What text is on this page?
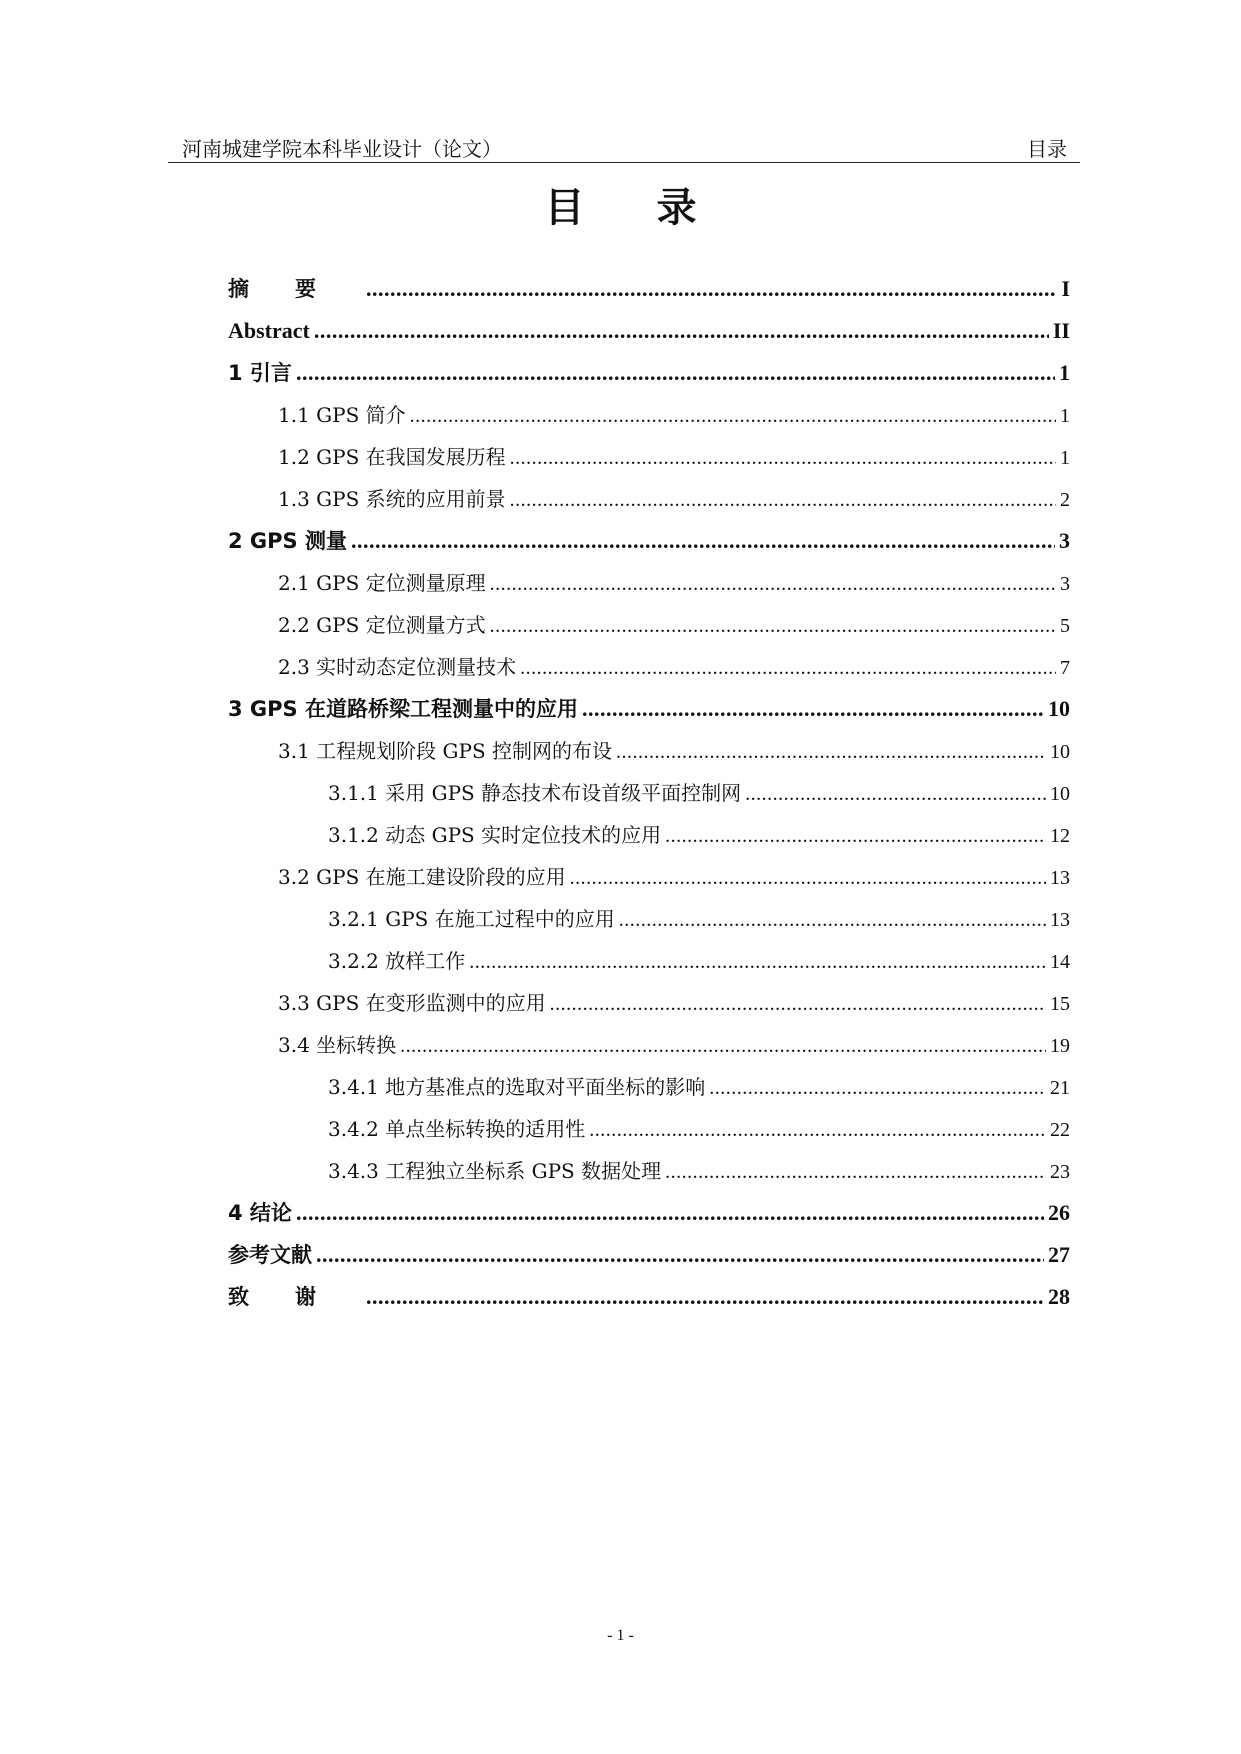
河南城建学院本科毕业设计（论文）	目录
目录
摘要 .....	I
Abstract .....	II
1 引言 .....	1
1.1 GPS 简介 .....	1
1.2 GPS 在我国发展历程 .....	1
1.3 GPS 系统的应用前景 .....	2
2 GPS 测量 .....	3
2.1 GPS 定位测量原理 .....	3
2.2 GPS 定位测量方式 .....	5
2.3 实时动态定位测量技术 .....	7
3 GPS 在道路桥梁工程测量中的应用 .....	10
3.1 工程规划阶段 GPS 控制网的布设 .....	10
3.1.1 采用 GPS 静态技术布设首级平面控制网 .....	10
3.1.2 动态 GPS 实时定位技术的应用 .....	12
3.2 GPS 在施工建设阶段的应用 .....	13
3.2.1 GPS 在施工过程中的应用 .....	13
3.2.2 放样工作 .....	14
3.3 GPS 在变形监测中的应用 .....	15
3.4 坐标转换 .....	19
3.4.1 地方基准点的选取对平面坐标的影响 .....	21
3.4.2 单点坐标转换的适用性 .....	22
3.4.3 工程独立坐标系 GPS 数据处理 .....	23
4 结论 .....	26
参考文献 .....	27
致谢 .....	28
- 1 -
